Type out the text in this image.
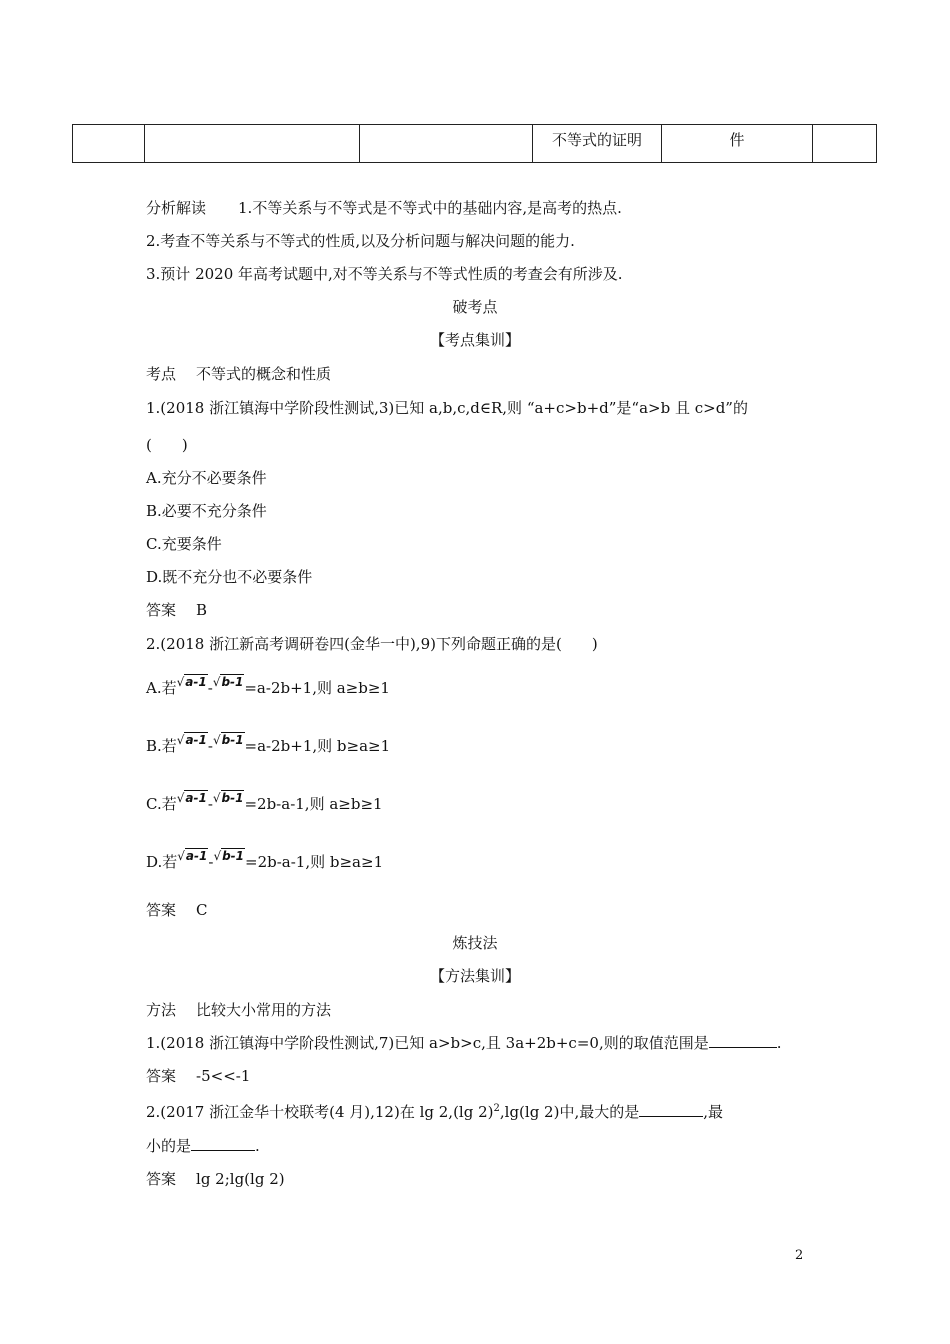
			不等式的证明	件	
分析解读 1.不等关系与不等式是不等式中的基础内容,是高考的热点.
2.考查不等关系与不等式的性质,以及分析问题与解决问题的能力.
3.预计 2020 年高考试题中,对不等关系与不等式性质的考查会有所涉及.
破考点
【考点集训】
考点 不等式的概念和性质
1.(2018 浙江镇海中学阶段性测试,3)已知 a,b,c,d∈R,则 “a+c>b+d”是“a>b 且 c>d”的
(　　)
A.充分不必要条件
B.必要不充分条件
C.充要条件
D.既不充分也不必要条件
答案 B
2.(2018 浙江新高考调研卷四(金华一中),9)下列命题正确的是(　　)
A.若√a-1-√b-1=a-2b+1,则 a≥b≥1
B.若√a-1-√b-1=a-2b+1,则 b≥a≥1
C.若√a-1-√b-1=2b-a-1,则 a≥b≥1
D.若√a-1-√b-1=2b-a-1,则 b≥a≥1
答案 C
炼技法
【方法集训】
方法 比较大小常用的方法
1.(2018 浙江镇海中学阶段性测试,7)已知 a>b>c,且 3a+2b+c=0,则的取值范围是	.
答案 -5<<-1
2.(2017 浙江金华十校联考(4 月),12)在 lg 2,(lg 2)$^2$,lg(lg 2)中,最大的是	,最
小的是	.
答案 lg 2;lg(lg 2)
2
